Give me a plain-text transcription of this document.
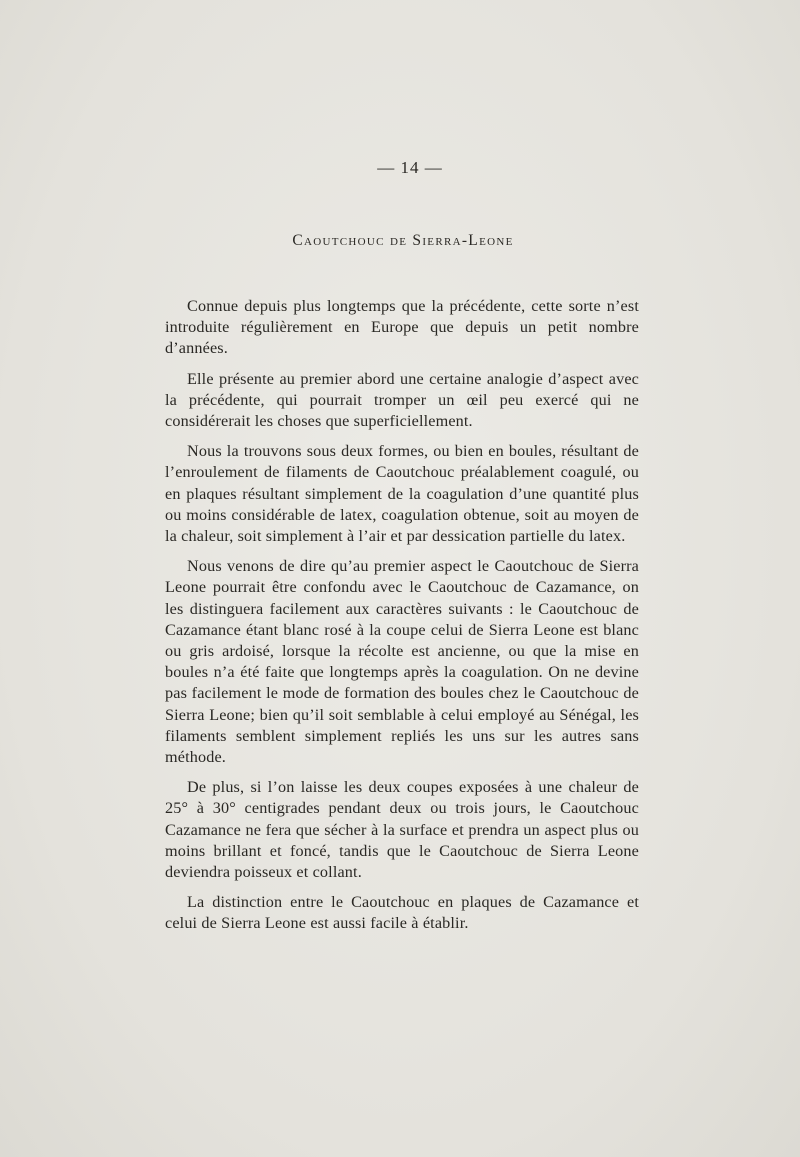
— 14 —
Caoutchouc de Sierra-Leone

Connue depuis plus longtemps que la précédente, cette sorte n’est introduite régulièrement en Europe que depuis un petit nombre d’années.

Elle présente au premier abord une certaine analogie d’aspect avec la précédente, qui pourrait tromper un œil peu exercé qui ne considérerait les choses que superficiellement.

Nous la trouvons sous deux formes, ou bien en boules, résultant de l’enroulement de filaments de Caoutchouc préalablement coagulé, ou en plaques résultant simplement de la coagulation d’une quantité plus ou moins considérable de latex, coagulation obtenue, soit au moyen de la chaleur, soit simplement à l’air et par dessication partielle du latex.

Nous venons de dire qu’au premier aspect le Caoutchouc de Sierra Leone pourrait être confondu avec le Caoutchouc de Cazamance, on les distinguera facilement aux caractères suivants : le Caoutchouc de Cazamance étant blanc rosé à la coupe celui de Sierra Leone est blanc ou gris ardoisé, lorsque la récolte est ancienne, ou que la mise en boules n’a été faite que longtemps après la coagulation. On ne devine pas facilement le mode de formation des boules chez le Caoutchouc de Sierra Leone; bien qu’il soit semblable à celui employé au Sénégal, les filaments semblent simplement repliés les uns sur les autres sans méthode.

De plus, si l’on laisse les deux coupes exposées à une chaleur de 25° à 30° centigrades pendant deux ou trois jours, le Caoutchouc Cazamance ne fera que sécher à la surface et prendra un aspect plus ou moins brillant et foncé, tandis que le Caoutchouc de Sierra Leone deviendra poisseux et collant.

La distinction entre le Caoutchouc en plaques de Cazamance et celui de Sierra Leone est aussi facile à établir.
